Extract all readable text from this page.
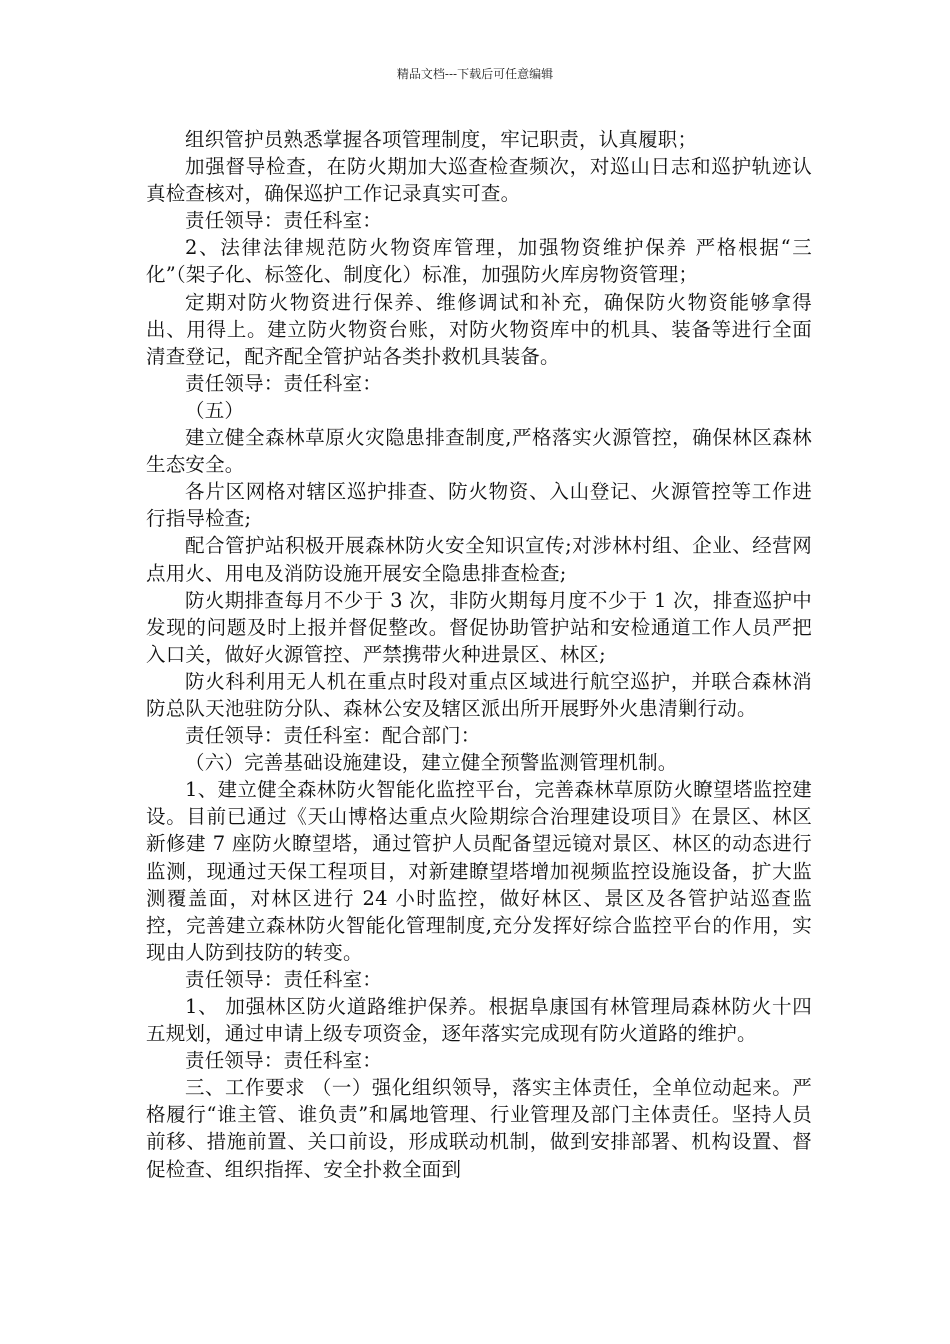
精品文档---下载后可任意编辑

组织管护员熟悉掌握各项管理制度，牢记职责，认真履职；

加强督导检查，在防火期加大巡查检查频次，对巡山日志和巡护轨迹认真检查核对，确保巡护工作记录真实可查。

责任领导：责任科室：

2、法律法律规范防火物资库管理，加强物资维护保养 严格根据“三化”（架子化、标签化、制度化）标准，加强防火库房物资管理；

定期对防火物资进行保养、维修调试和补充，确保防火物资能够拿得出、用得上。建立防火物资台账，对防火物资库中的机具、装备等进行全面清查登记，配齐配全管护站各类扑救机具装备。

责任领导：责任科室：

（五）

建立健全森林草原火灾隐患排查制度,严格落实火源管控，确保林区森林生态安全。

各片区网格对辖区巡护排查、防火物资、入山登记、火源管控等工作进行指导检查;

配合管护站积极开展森林防火安全知识宣传;对涉林村组、企业、经营网点用火、用电及消防设施开展安全隐患排查检查;

防火期排查每月不少于 3 次，非防火期每月度不少于 1 次，排查巡护中发现的问题及时上报并督促整改。督促协助管护站和安检通道工作人员严把入口关，做好火源管控、严禁携带火种进景区、林区;

防火科利用无人机在重点时段对重点区域进行航空巡护，并联合森林消防总队天池驻防分队、森林公安及辖区派出所开展野外火患清剿行动。

责任领导：责任科室：配合部门：

（六）完善基础设施建设，建立健全预警监测管理机制。

1、建立健全森林防火智能化监控平台，完善森林草原防火瞭望塔监控建设。目前已通过《天山博格达重点火险期综合治理建设项目》在景区、林区新修建 7 座防火瞭望塔，通过管护人员配备望远镜对景区、林区的动态进行监测，现通过天保工程项目，对新建瞭望塔增加视频监控设施设备，扩大监测覆盖面，对林区进行 24 小时监控，做好林区、景区及各管护站巡查监控，完善建立森林防火智能化管理制度,充分发挥好综合监控平台的作用，实现由人防到技防的转变。

责任领导：责任科室：

1、 加强林区防火道路维护保养。根据阜康国有林管理局森林防火十四五规划，通过申请上级专项资金，逐年落实完成现有防火道路的维护。

责任领导：责任科室：

三、工作要求 （一）强化组织领导，落实主体责任，全单位动起来。严格履行“谁主管、谁负责”和属地管理、行业管理及部门主体责任。坚持人员前移、措施前置、关口前设，形成联动机制，做到安排部署、机构设置、督促检查、组织指挥、安全扑救全面到
